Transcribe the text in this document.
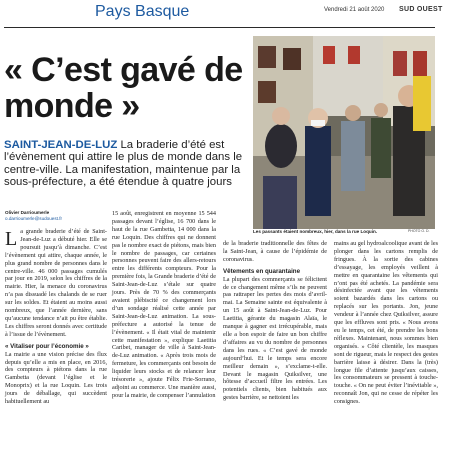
Pays Basque	Vendredi 21 août 2020 SUD OUEST
« C’est gavé de monde »
SAINT-JEAN-DE-LUZ La braderie d’été est l’évènement qui attire le plus de monde dans le centre-ville. La manifestation, maintenue par la sous-préfecture, a été étendue à quatre jours
Les passants étaient nombreux, hier, dans la rue Loquin.	PHOTO O. D.
Olivier Darrioumerle
o.darrioumerle@sudouest.fr
L a grande braderie d’été de Saint-Jean-de-Luz a débuté hier. Elle se poursuit jusqu’à dimanche. C’est l’évènement qui attire, chaque année, le plus grand nombre de personnes dans le centre-ville. 46 000 passages cumulés par jour en 2019, selon les chiffres de la mairie. Hier, la menace du coronavirus n’a pas dissuadé les chalands de se ruer sur les soldes. Et étaient au moins aussi nombreux, que l’année dernière, sans qu’aucune tendance n’ait pu être établie. Les chiffres seront donnés avec certitude à l’issue de l’évènement.

« Vitaliser pour l’économie »

La mairie a une vision précise des flux depuis qu’elle a mis en place, en 2016, des compteurs à piétons dans la rue Gambetta (devant l’église et le Monoprix) et la rue Loquin. Les trois jours de déballage, qui succèdent habituellement au

15 août, enregistrent en moyenne 15 544 passages devant l’église, 16 700 dans le haut de la rue Gambetta, 14 000 dans la rue Loquin. Des chiffres qui ne donnent pas le nombre exact de piétons, mais bien le nombre de passages, car certaines personnes peuvent faire des allers-retours entre les différents compteurs. Pour la première fois, la Grande braderie d’été de Saint-Jean-de-Luz s’étale sur quatre jours. Près de 70 % des commerçants avaient plébiscité ce changement lors d’un sondage réalisé cette année par Saint-Jean-de-Luz animation. La sous-préfecture a autorisé la tenue de l’évènement. « Il était vital de maintenir cette manifestation », explique Laetitia Caribet, manager de ville à Saint-Jean-de-Luz animation. « Après trois mois de fermeture, les commerçants ont besoin de liquider leurs stocks et de relancer leur trésorerie », ajoute Félix Frie-Sorrano, adjoint au commerce. Une manière aussi, pour la mairie, de compenser l’annulation

de la braderie traditionnelle des fêtes de la Saint-Jean, à cause de l’épidémie de coronavirus.

Vêtements en quarantaine

La plupart des commerçants se félicitent de ce changement même s’ils ne peuvent pas rattraper les pertes des mois d’avril-mai. La Semaine sainte est équivalente à un 15 août à Saint-Jean-de-Luz. Pour Laetitia, gérante du magasin Alaïa, le manque à gagner est irrécupérable, mais elle a bon espoir de faire un bon chiffre d’affaires au vu du nombre de personnes dans les rues. « C’est gavé de monde aujourd’hui. Et le temps sera encore meilleur demain », s’exclame-t-elle. Devant le magasin Quiksilver, une hôtesse d’accueil filtre les entrées. Les potentiels clients, bien habitués aux gestes barrière, se nettoient les

mains au gel hydroalcoolique avant de les plonger dans les cartons remplis de fringues. À la sortie des cabines d’essayage, les employés veillent à mettre en quarantaine les vêtements qui n’ont pas été achetés. La pandémie sera désinfectée avant que les vêtements soient bazardés dans les cartons ou replacés sur les portants. Jon, jeune vendeur à l’année chez Quiksilver, assure que les effluves sont pris. « Nous avons eu le temps, cet été, de prendre les bons réflexes. Maintenant, nous sommes bien organisés. » Côté clientèle, les masques sont de rigueur, mais le respect des gestes barrière laisse à désirer. Dans la (très) longue file d’attente jusqu’aux caisses, les consommateurs se pressent à touche-touche. « On ne peut éviter l’inévitable », reconnaît Jon, qui ne cesse de répéter les consignes.
